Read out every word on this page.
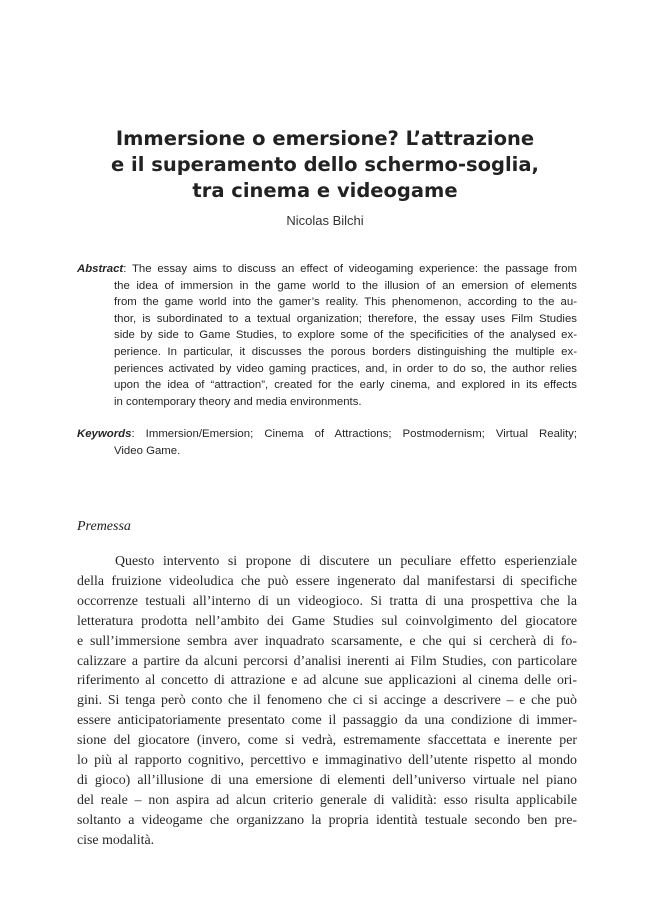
Immersione o emersione? L’attrazione
e il superamento dello schermo-soglia,
tra cinema e videogame
Nicolas Bilchi
Abstract: The essay aims to discuss an effect of videogaming experience: the passage from
the idea of immersion in the game world to the illusion of an emersion of elements
from the game world into the gamer’s reality. This phenomenon, according to the au-
thor, is subordinated to a textual organization; therefore, the essay uses Film Studies
side by side to Game Studies, to explore some of the specificities of the analysed ex-
perience. In particular, it discusses the porous borders distinguishing the multiple ex-
periences activated by video gaming practices, and, in order to do so, the author relies
upon the idea of “attraction”, created for the early cinema, and explored in its effects
in contemporary theory and media environments.
Keywords: Immersion/Emersion; Cinema of Attractions; Postmodernism; Virtual Reality;
Video Game.
Premessa
Questo intervento si propone di discutere un peculiare effetto esperienziale
della fruizione videoludica che può essere ingenerato dal manifestarsi di specifiche
occorrenze testuali all’interno di un videogioco. Si tratta di una prospettiva che la
letteratura prodotta nell’ambito dei Game Studies sul coinvolgimento del giocatore
e sull’immersione sembra aver inquadrato scarsamente, e che qui si cercherà di fo-
calizzare a partire da alcuni percorsi d’analisi inerenti ai Film Studies, con particolare
riferimento al concetto di attrazione e ad alcune sue applicazioni al cinema delle ori-
gini. Si tenga però conto che il fenomeno che ci si accinge a descrivere – e che può
essere anticipatoriamente presentato come il passaggio da una condizione di immer-
sione del giocatore (invero, come si vedrà, estremamente sfaccettata e inerente per
lo più al rapporto cognitivo, percettivo e immaginativo dell’utente rispetto al mondo
di gioco) all’illusione di una emersione di elementi dell’universo virtuale nel piano
del reale – non aspira ad alcun criterio generale di validità: esso risulta applicabile
soltanto a videogame che organizzano la propria identità testuale secondo ben pre-
cise modalità.
